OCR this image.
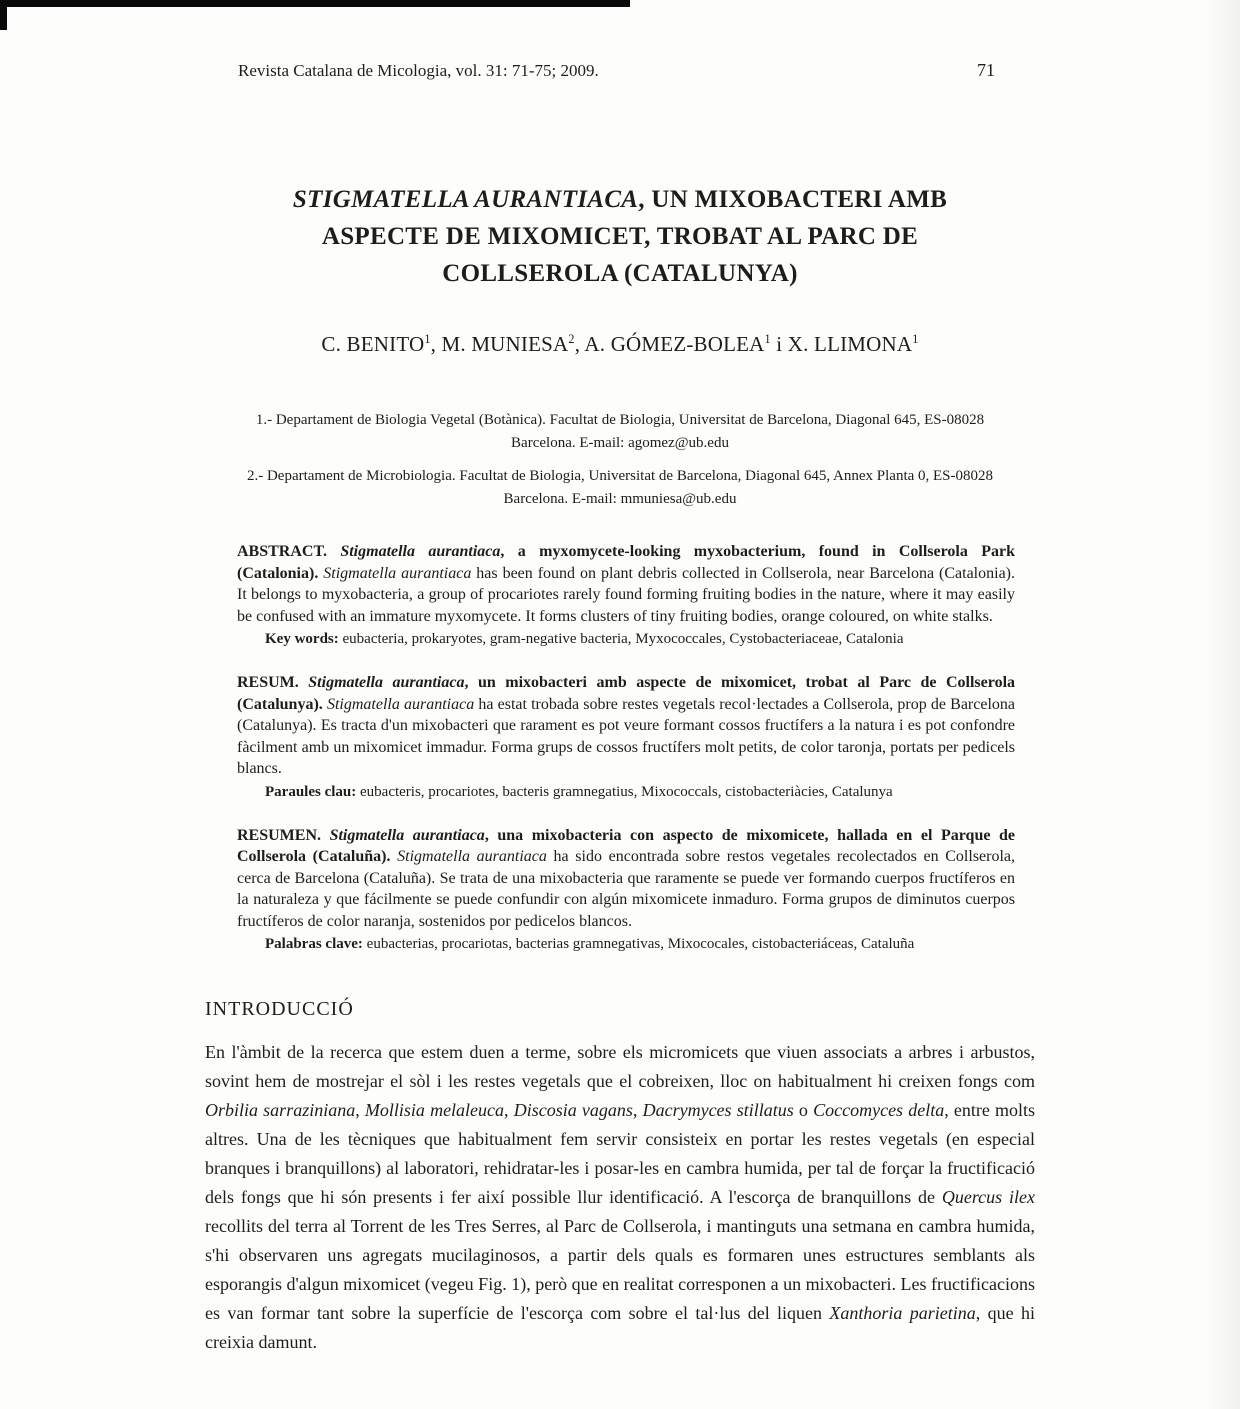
Revista Catalana de Micologia, vol. 31: 71-75; 2009.	71
STIGMATELLA AURANTIACA, UN MIXOBACTERI AMB ASPECTE DE MIXOMICET, TROBAT AL PARC DE COLLSEROLA (CATALUNYA)
C. BENITO$^1$, M. MUNIESA$^2$, A. GÓMEZ-BOLEA$^1$ i X. LLIMONA$^1$

1.- Departament de Biologia Vegetal (Botànica). Facultat de Biologia, Universitat de Barcelona, Diagonal 645, ES-08028 Barcelona. E-mail: agomez@ub.edu

2.- Departament de Microbiologia. Facultat de Biologia, Universitat de Barcelona, Diagonal 645, Annex Planta 0, ES-08028 Barcelona. E-mail: mmuniesa@ub.edu

ABSTRACT. Stigmatella aurantiaca, a myxomycete-looking myxobacterium, found in Collserola Park (Catalonia). Stigmatella aurantiaca has been found on plant debris collected in Collserola, near Barcelona (Catalonia). It belongs to myxobacteria, a group of procariotes rarely found forming fruiting bodies in the nature, where it may easily be confused with an immature myxomycete. It forms clusters of tiny fruiting bodies, orange coloured, on white stalks.

Key words: eubacteria, prokaryotes, gram-negative bacteria, Myxococcales, Cystobacteriaceae, Catalonia

RESUM. Stigmatella aurantiaca, un mixobacteri amb aspecte de mixomicet, trobat al Parc de Collserola (Catalunya). Stigmatella aurantiaca ha estat trobada sobre restes vegetals recol·lectades a Collserola, prop de Barcelona (Catalunya). Es tracta d'un mixobacteri que rarament es pot veure formant cossos fructífers a la natura i es pot confondre fàcilment amb un mixomicet immadur. Forma grups de cossos fructífers molt petits, de color taronja, portats per pedicels blancs.

Paraules clau: eubacteris, procariotes, bacteris gramnegatius, Mixococcals, cistobacteriàcies, Catalunya

RESUMEN. Stigmatella aurantiaca, una mixobacteria con aspecto de mixomicete, hallada en el Parque de Collserola (Cataluña). Stigmatella aurantiaca ha sido encontrada sobre restos vegetales recolectados en Collserola, cerca de Barcelona (Cataluña). Se trata de una mixobacteria que raramente se puede ver formando cuerpos fructíferos en la naturaleza y que fácilmente se puede confundir con algún mixomicete inmaduro. Forma grupos de diminutos cuerpos fructíferos de color naranja, sostenidos por pedicelos blancos.

Palabras clave: eubacterias, procariotas, bacterias gramnegativas, Mixococales, cistobacteriáceas, Cataluña

INTRODUCCIÓ

En l'àmbit de la recerca que estem duen a terme, sobre els micromicets que viuen associats a arbres i arbustos, sovint hem de mostrejar el sòl i les restes vegetals que el cobreixen, lloc on habitualment hi creixen fongs com Orbilia sarraziniana, Mollisia melaleuca, Discosia vagans, Dacrymyces stillatus o Coccomyces delta, entre molts altres. Una de les tècniques que habitualment fem servir consisteix en portar les restes vegetals (en especial branques i branquillons) al laboratori, rehidratar-les i posar-les en cambra humida, per tal de forçar la fructificació dels fongs que hi són presents i fer així possible llur identificació. A l'escorça de branquillons de Quercus ilex recollits del terra al Torrent de les Tres Serres, al Parc de Collserola, i mantinguts una setmana en cambra humida, s'hi observaren uns agregats mucilaginosos, a partir dels quals es formaren unes estructures semblants als esporangis d'algun mixomicet (vegeu Fig. 1), però que en realitat corresponen a un mixobacteri. Les fructificacions es van formar tant sobre la superfície de l'escorça com sobre el tal·lus del liquen Xanthoria parietina, que hi creixia damunt.
